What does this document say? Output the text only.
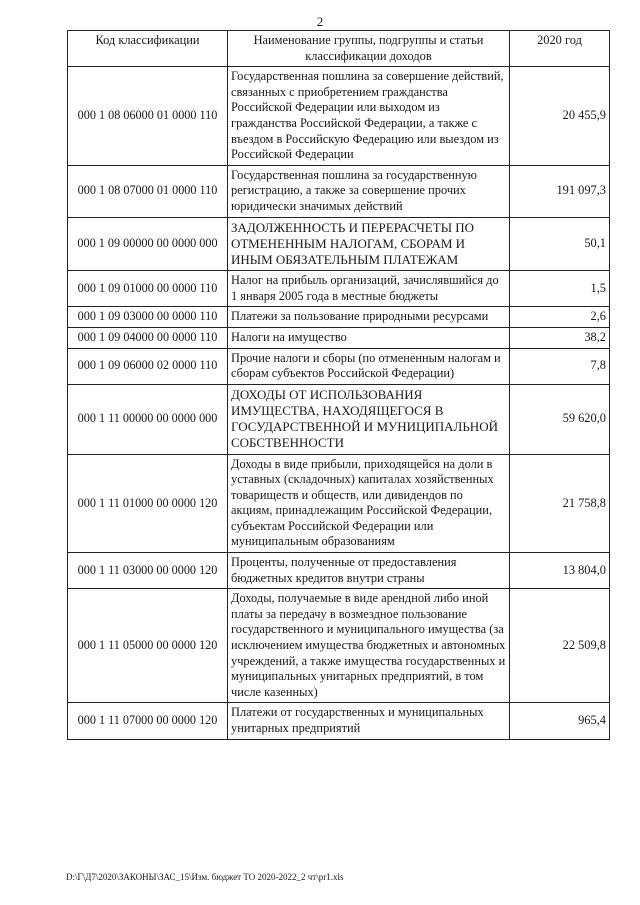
2
Код классификации	Наименование группы, подгруппы и статьи классификации доходов	2020 год
000 1 08 06000 01 0000 110	Государственная пошлина за совершение действий, связанных с приобретением гражданства Российской Федерации или выходом из гражданства Российской Федерации, а также с въездом в Российскую Федерацию или выездом из Российской Федерации	20 455,9
000 1 08 07000 01 0000 110	Государственная пошлина за государственную регистрацию, а также за совершение прочих юридически значимых действий	191 097,3
000 1 09 00000 00 0000 000	ЗАДОЛЖЕННОСТЬ И ПЕРЕРАСЧЕТЫ ПО ОТМЕНЕННЫМ НАЛОГАМ, СБОРАМ И ИНЫМ ОБЯЗАТЕЛЬНЫМ ПЛАТЕЖАМ	50,1
000 1 09 01000 00 0000 110	Налог на прибыль организаций, зачислявшийся до 1 января 2005 года в местные бюджеты	1,5
000 1 09 03000 00 0000 110	Платежи за пользование природными ресурсами	2,6
000 1 09 04000 00 0000 110	Налоги на имущество	38,2
000 1 09 06000 02 0000 110	Прочие налоги и сборы (по отмененным налогам и сборам субъектов Российской Федерации)	7,8
000 1 11 00000 00 0000 000	ДОХОДЫ ОТ ИСПОЛЬЗОВАНИЯ ИМУЩЕСТВА, НАХОДЯЩЕГОСЯ В ГОСУДАРСТВЕННОЙ И МУНИЦИПАЛЬНОЙ СОБСТВЕННОСТИ	59 620,0
000 1 11 01000 00 0000 120	Доходы в виде прибыли, приходящейся на доли в уставных (складочных) капиталах хозяйственных товариществ и обществ, или дивидендов по акциям, принадлежащим Российской Федерации, субъектам Российской Федерации или муниципальным образованиям	21 758,8
000 1 11 03000 00 0000 120	Проценты, полученные от предоставления бюджетных кредитов внутри страны	13 804,0
000 1 11 05000 00 0000 120	Доходы, получаемые в виде арендной либо иной платы за передачу в возмездное пользование государственного и муниципального имущества (за исключением имущества бюджетных и автономных учреждений, а также имущества государственных и муниципальных унитарных предприятий, в том числе казенных)	22 509,8
000 1 11 07000 00 0000 120	Платежи от государственных и муниципальных унитарных предприятий	965,4
D:\Г\Д7\2020\ЗАКОНЫ\ЗАС_15\Изм. бюджет ТО 2020-2022_2 чт\pr1.xls
